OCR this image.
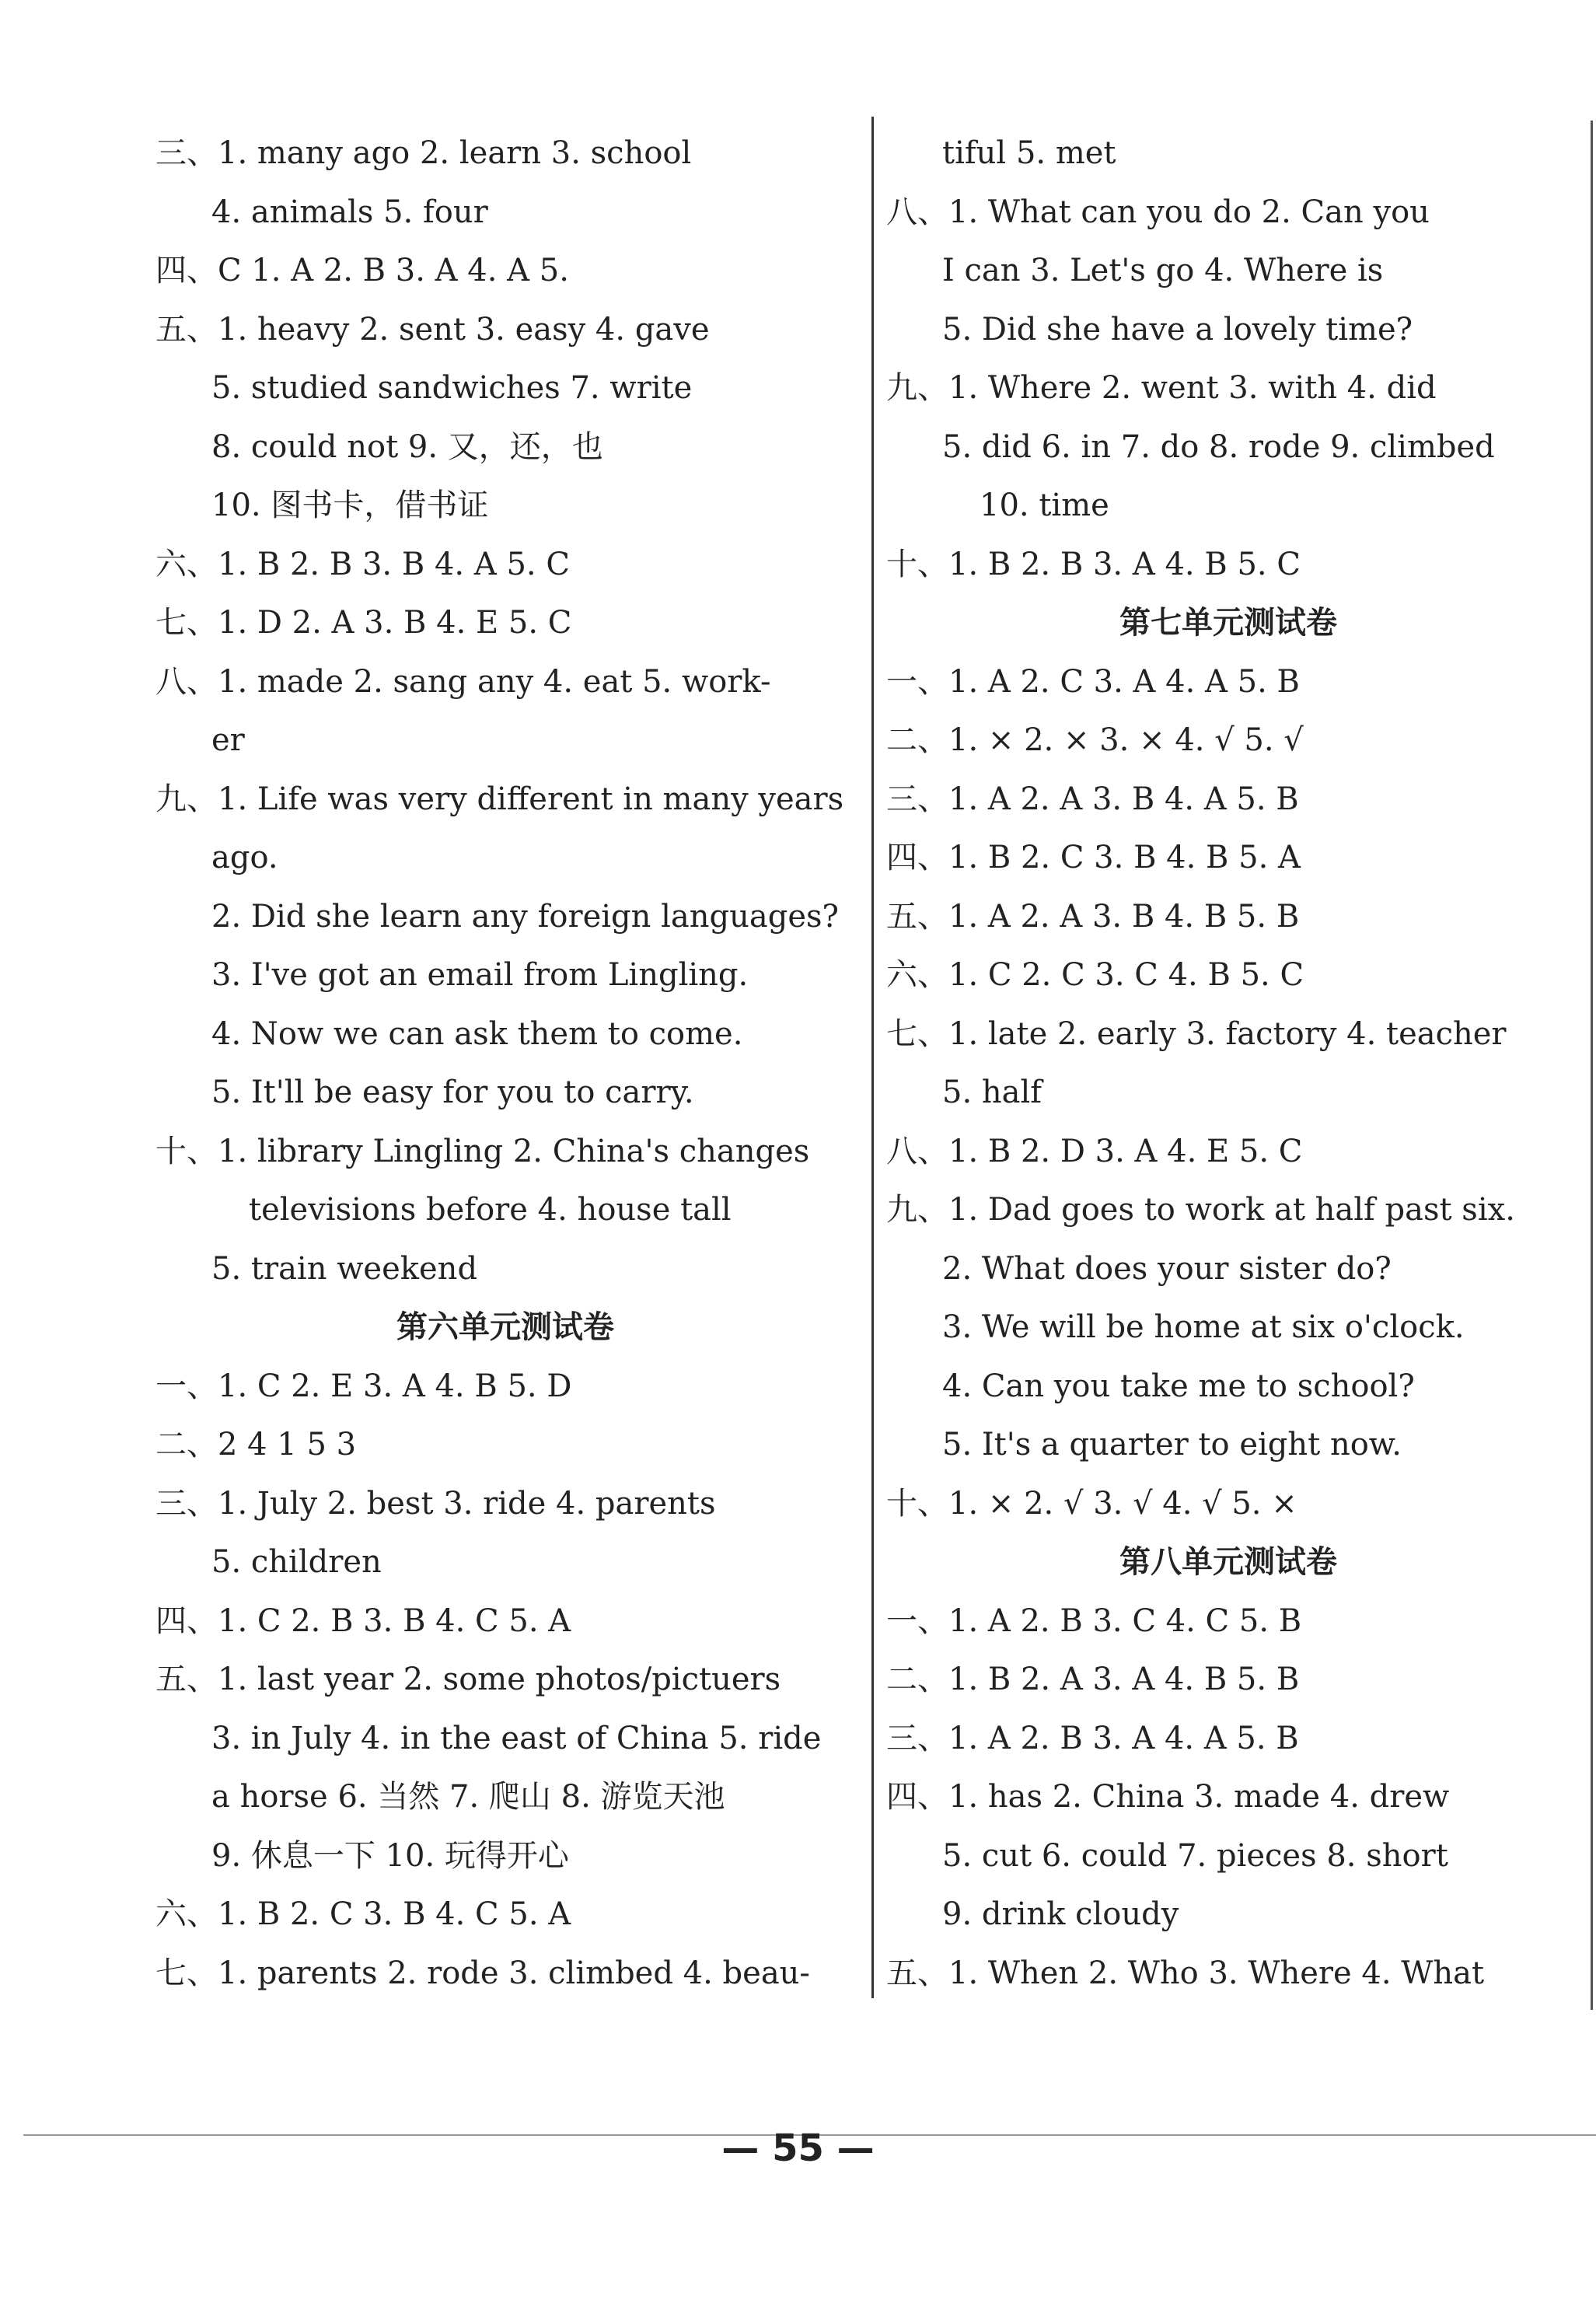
三、1. many ago 2. learn 3. school
4. animals 5. four
四、C 1. A 2. B 3. A 4. A 5.
五、1. heavy 2. sent 3. easy 4. gave
5. studied sandwiches 7. write
8. could not 9. 又，还，也
10. 图书卡，借书证
六、1. B 2. B 3. B 4. A 5. C
七、1. D 2. A 3. B 4. E 5. C
八、1. made 2. sang any 4. eat 5. work-
er
九、1. Life was very different in many years
ago.
2. Did she learn any foreign languages?
3. I've got an email from Lingling.
4. Now we can ask them to come.
5. It'll be easy for you to carry.
十、1. library Lingling 2. China's changes
televisions before 4. house tall
5. train weekend
第六单元测试卷
一、1. C 2. E 3. A 4. B 5. D
二、2 4 1 5 3
三、1. July 2. best 3. ride 4. parents
5. children
四、1. C 2. B 3. B 4. C 5. A
五、1. last year 2. some photos/pictuers
3. in July 4. in the east of China 5. ride
a horse 6. 当然 7. 爬山 8. 游览天池
9. 休息一下 10. 玩得开心
六、1. B 2. C 3. B 4. C 5. A
七、1. parents 2. rode 3. climbed 4. beau-
tiful 5. met
八、1. What can you do 2. Can you
I can 3. Let's go 4. Where is
5. Did she have a lovely time?
九、1. Where 2. went 3. with 4. did
5. did 6. in 7. do 8. rode 9. climbed
10. time
十、1. B 2. B 3. A 4. B 5. C
第七单元测试卷
一、1. A 2. C 3. A 4. A 5. B
二、1. × 2. × 3. × 4. √ 5. √
三、1. A 2. A 3. B 4. A 5. B
四、1. B 2. C 3. B 4. B 5. A
五、1. A 2. A 3. B 4. B 5. B
六、1. C 2. C 3. C 4. B 5. C
七、1. late 2. early 3. factory 4. teacher
5. half
八、1. B 2. D 3. A 4. E 5. C
九、1. Dad goes to work at half past six.
2. What does your sister do?
3. We will be home at six o'clock.
4. Can you take me to school?
5. It's a quarter to eight now.
十、1. × 2. √ 3. √ 4. √ 5. ×
第八单元测试卷
一、1. A 2. B 3. C 4. C 5. B
二、1. B 2. A 3. A 4. B 5. B
三、1. A 2. B 3. A 4. A 5. B
四、1. has 2. China 3. made 4. drew
5. cut 6. could 7. pieces 8. short
9. drink cloudy
五、1. When 2. Who 3. Where 4. What
— 55 —
